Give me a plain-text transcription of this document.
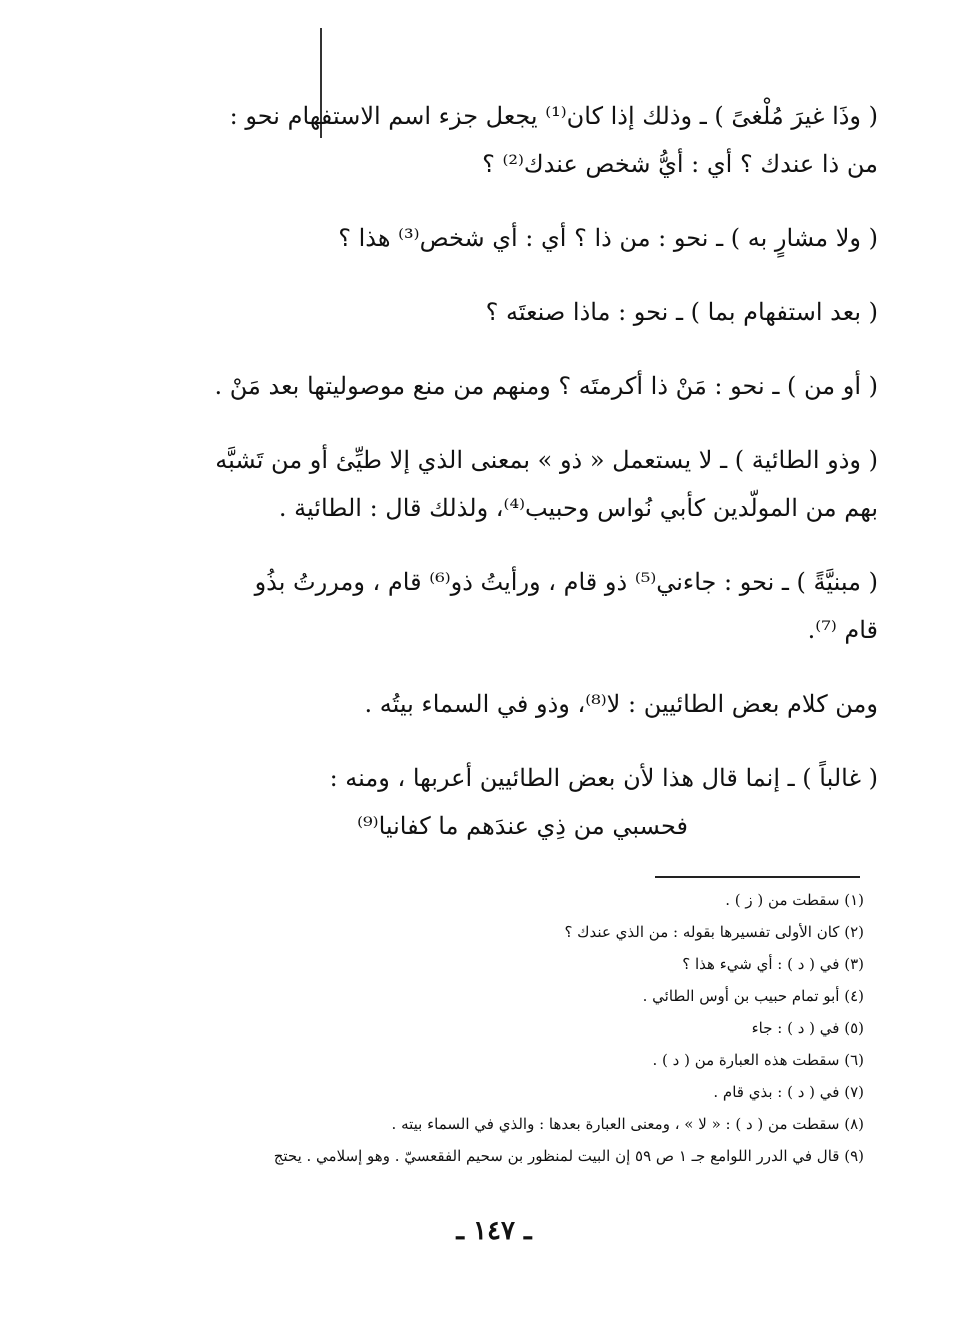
( وذَا غيرَ مُلْغىً ) ـ وذلك إذا كان⁽¹⁾ يجعل جزء اسم الاستفهام نحو :
من ذا عندك ؟ أي : أيُّ شخص عندك⁽²⁾ ؟

( ولا مشارٍ به ) ـ نحو : من ذا ؟ أي : أي شخص⁽³⁾ هذا ؟

( بعد استفهام بما ) ـ نحو : ماذا صنعتَه ؟

( أو من ) ـ نحو : مَنْ ذا أكرمتَه ؟ ومنهم من منع موصوليتها بعد مَنْ .

( وذو الطائية ) ـ لا يستعمل « ذو » بمعنى الذي إلا طيِّئ أو من تَشبَّه
بهم من المولّدين كأبي نُواس وحبيب⁽⁴⁾، ولذلك قال : الطائية .

( مبنيَّةً ) ـ نحو : جاءني⁽⁵⁾ ذو قام ، ورأيتُ ذو⁽⁶⁾ قام ، ومررتُ بذُو
قام ⁽⁷⁾.

ومن كلام بعض الطائيين : لا⁽⁸⁾، وذو في السماء بيتُه .

( غالباً ) ـ إنما قال هذا لأن بعض الطائيين أعربها ، ومنه :
فحسبي من ذِي عندَهم ما كفانيا⁽⁹⁾

(١) سقطت من ( ز ) .
(٢) كان الأولى تفسيرها بقوله : من الذي عندك ؟
(٣) في ( د ) : أي شيء هذا ؟
(٤) أبو تمام حبيب بن أوس الطائي .
(٥) في ( د ) : جاء
(٦) سقطت هذه العبارة من ( د ) .
(٧) في ( د ) : بذي قام .
(٨) سقطت من ( د ) : « لا » ، ومعنى العبارة بعدها : والذي في السماء بيته .
(٩) قال في الدرر اللوامع جـ ١ ص ٥٩ إن البيت لمنظور بن سحيم الفقعسيّ . وهو إسلامي . يحتج
ـ ١٤٧ ـ
